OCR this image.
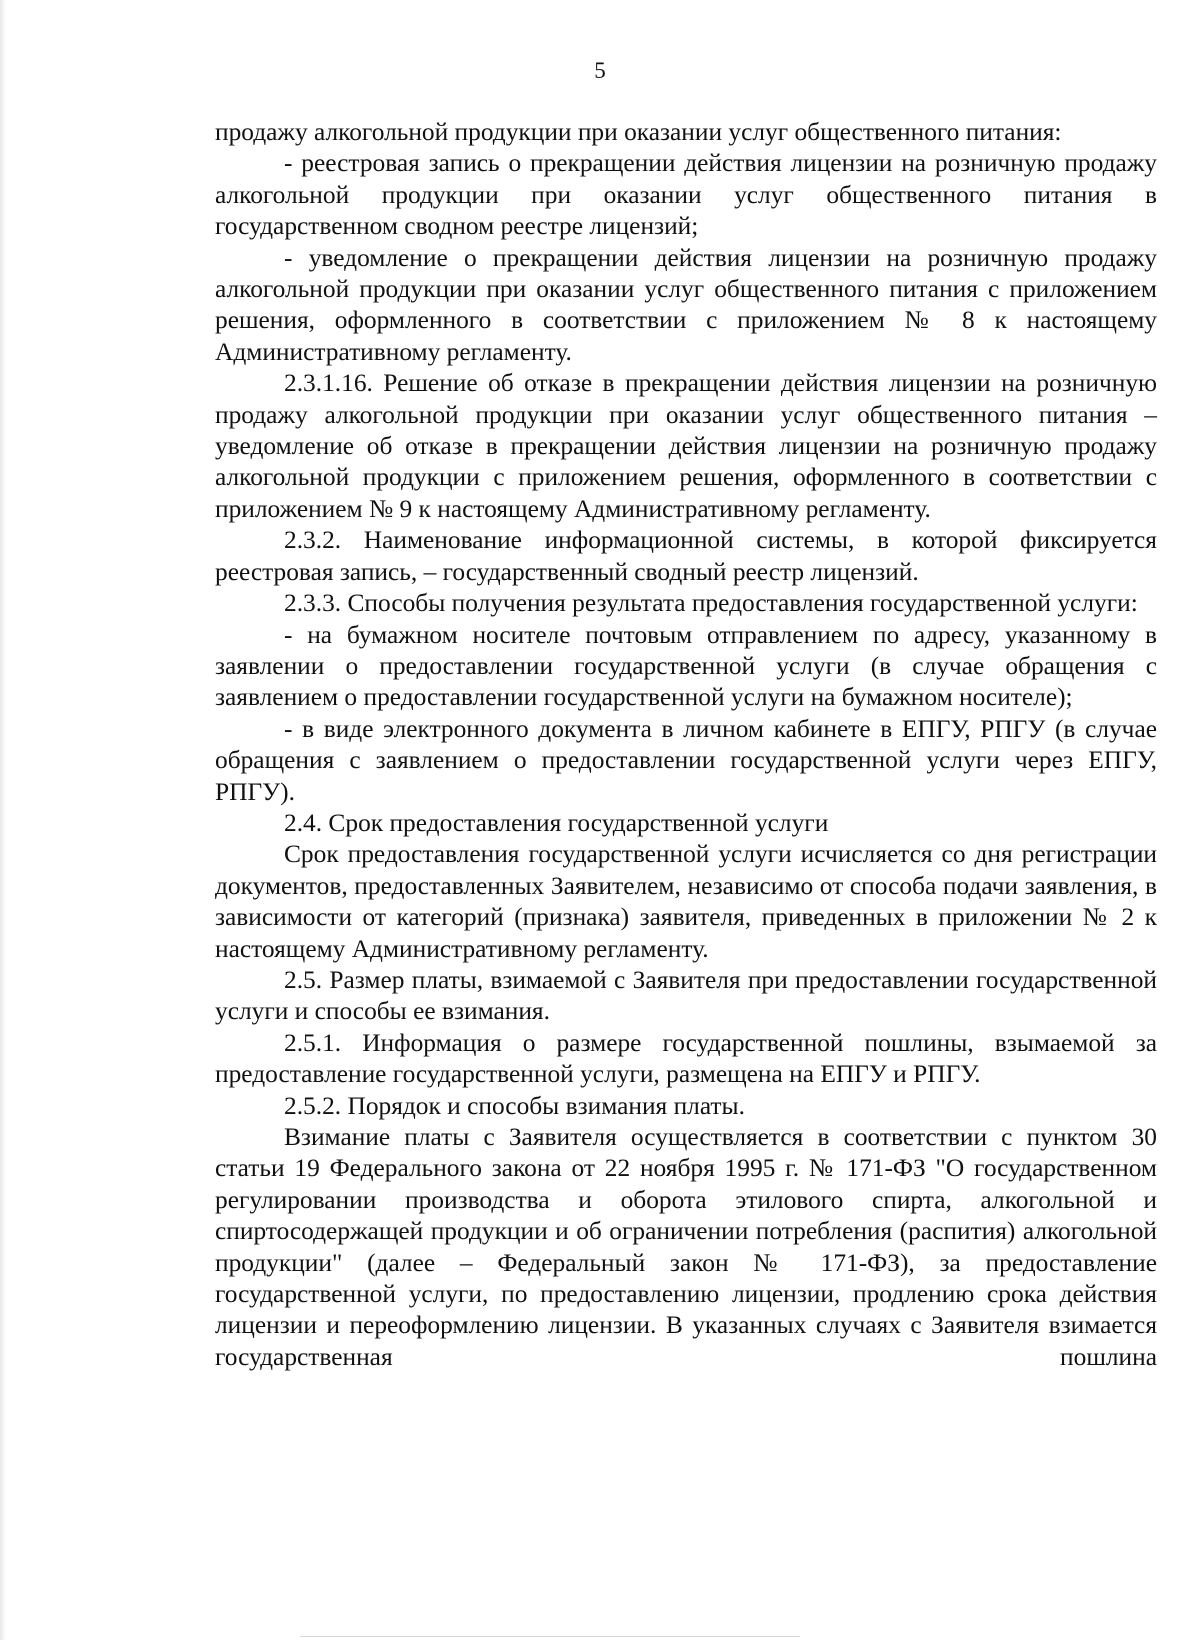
5

продажу алкогольной продукции при оказании услуг общественного питания:

- реестровая запись о прекращении действия лицензии на розничную продажу алкогольной продукции при оказании услуг общественного питания в государственном сводном реестре лицензий;

- уведомление о прекращении действия лицензии на розничную продажу алкогольной продукции при оказании услуг общественного питания с приложением решения, оформленного в соответствии с приложением № 8 к настоящему Административному регламенту.

2.3.1.16. Решение об отказе в прекращении действия лицензии на розничную продажу алкогольной продукции при оказании услуг общественного питания – уведомление об отказе в прекращении действия лицензии на розничную продажу алкогольной продукции с приложением решения, оформленного в соответствии с приложением № 9 к настоящему Административному регламенту.

2.3.2. Наименование информационной системы, в которой фиксируется реестровая запись, – государственный сводный реестр лицензий.

2.3.3. Способы получения результата предоставления государственной услуги:

- на бумажном носителе почтовым отправлением по адресу, указанному в заявлении о предоставлении государственной услуги (в случае обращения с заявлением о предоставлении государственной услуги на бумажном носителе);

- в виде электронного документа в личном кабинете в ЕПГУ, РПГУ (в случае обращения с заявлением о предоставлении государственной услуги через ЕПГУ, РПГУ).

2.4. Срок предоставления государственной услуги

Срок предоставления государственной услуги исчисляется со дня регистрации документов, предоставленных Заявителем, независимо от способа подачи заявления, в зависимости от категорий (признака) заявителя, приведенных в приложении № 2 к настоящему Административному регламенту.

2.5. Размер платы, взимаемой с Заявителя при предоставлении государственной услуги и способы ее взимания.

2.5.1. Информация о размере государственной пошлины, взымаемой за предоставление государственной услуги, размещена на ЕПГУ и РПГУ.

2.5.2. Порядок и способы взимания платы.

Взимание платы с Заявителя осуществляется в соответствии с пунктом 30 статьи 19 Федерального закона от 22 ноября 1995 г. № 171-ФЗ "О государственном регулировании производства и оборота этилового спирта, алкогольной и спиртосодержащей продукции и об ограничении потребления (распития) алкогольной продукции" (далее – Федеральный закон № 171-ФЗ), за предоставление государственной услуги, по предоставлению лицензии, продлению срока действия лицензии и переоформлению лицензии. В указанных случаях с Заявителя взимается государственная пошлина
